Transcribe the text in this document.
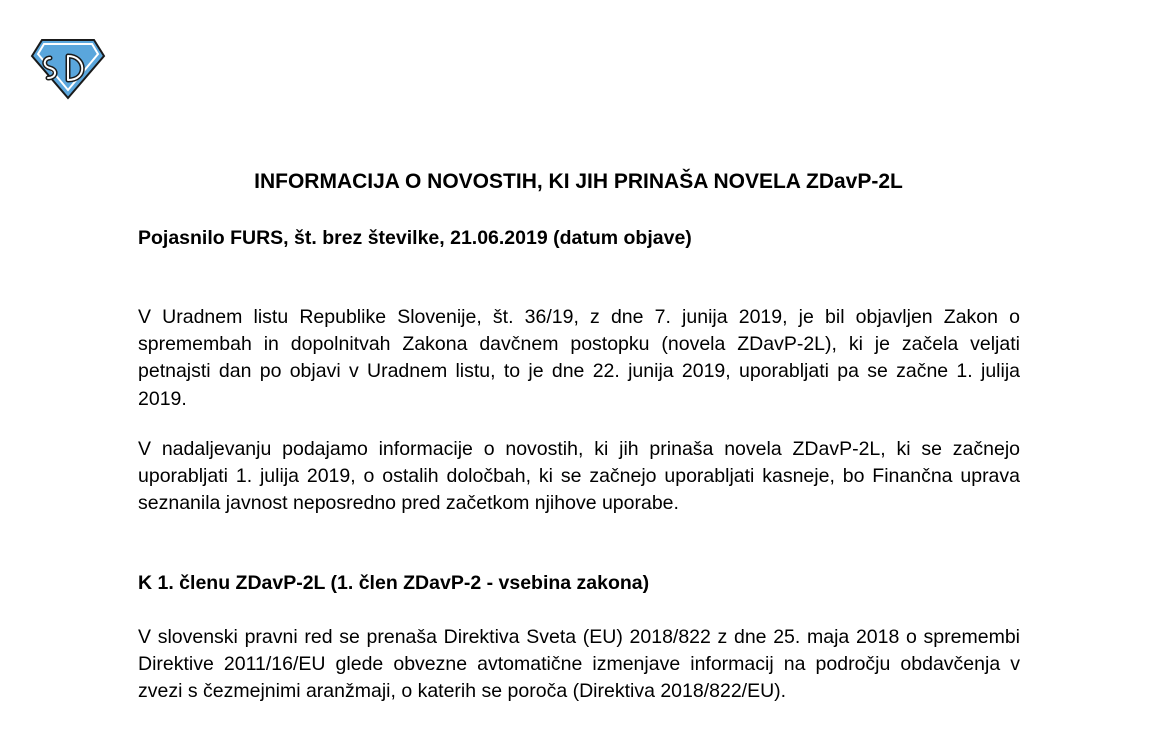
INFORMACIJA O NOVOSTIH, KI JIH PRINAŠA NOVELA ZDavP-2L
Pojasnilo FURS, št. brez številke, 21.06.2019 (datum objave)

V Uradnem listu Republike Slovenije, št. 36/19, z dne 7. junija 2019, je bil objavljen Zakon o spremembah in dopolnitvah Zakona davčnem postopku (novela ZDavP-2L), ki je začela veljati petnajsti dan po objavi v Uradnem listu, to je dne 22. junija 2019, uporabljati pa se začne 1. julija 2019.

V nadaljevanju podajamo informacije o novostih, ki jih prinaša novela ZDavP-2L, ki se začnejo uporabljati 1. julija 2019, o ostalih določbah, ki se začnejo uporabljati kasneje, bo Finančna uprava seznanila javnost neposredno pred začetkom njihove uporabe.

K 1. členu ZDavP-2L (1. člen ZDavP-2 - vsebina zakona)

V slovenski pravni red se prenaša Direktiva Sveta (EU) 2018/822 z dne 25. maja 2018 o spremembi Direktive 2011/16/EU glede obvezne avtomatične izmenjave informacij na področju obdavčenja v zvezi s čezmejnimi aranžmaji, o katerih se poroča (Direktiva 2018/822/EU).
